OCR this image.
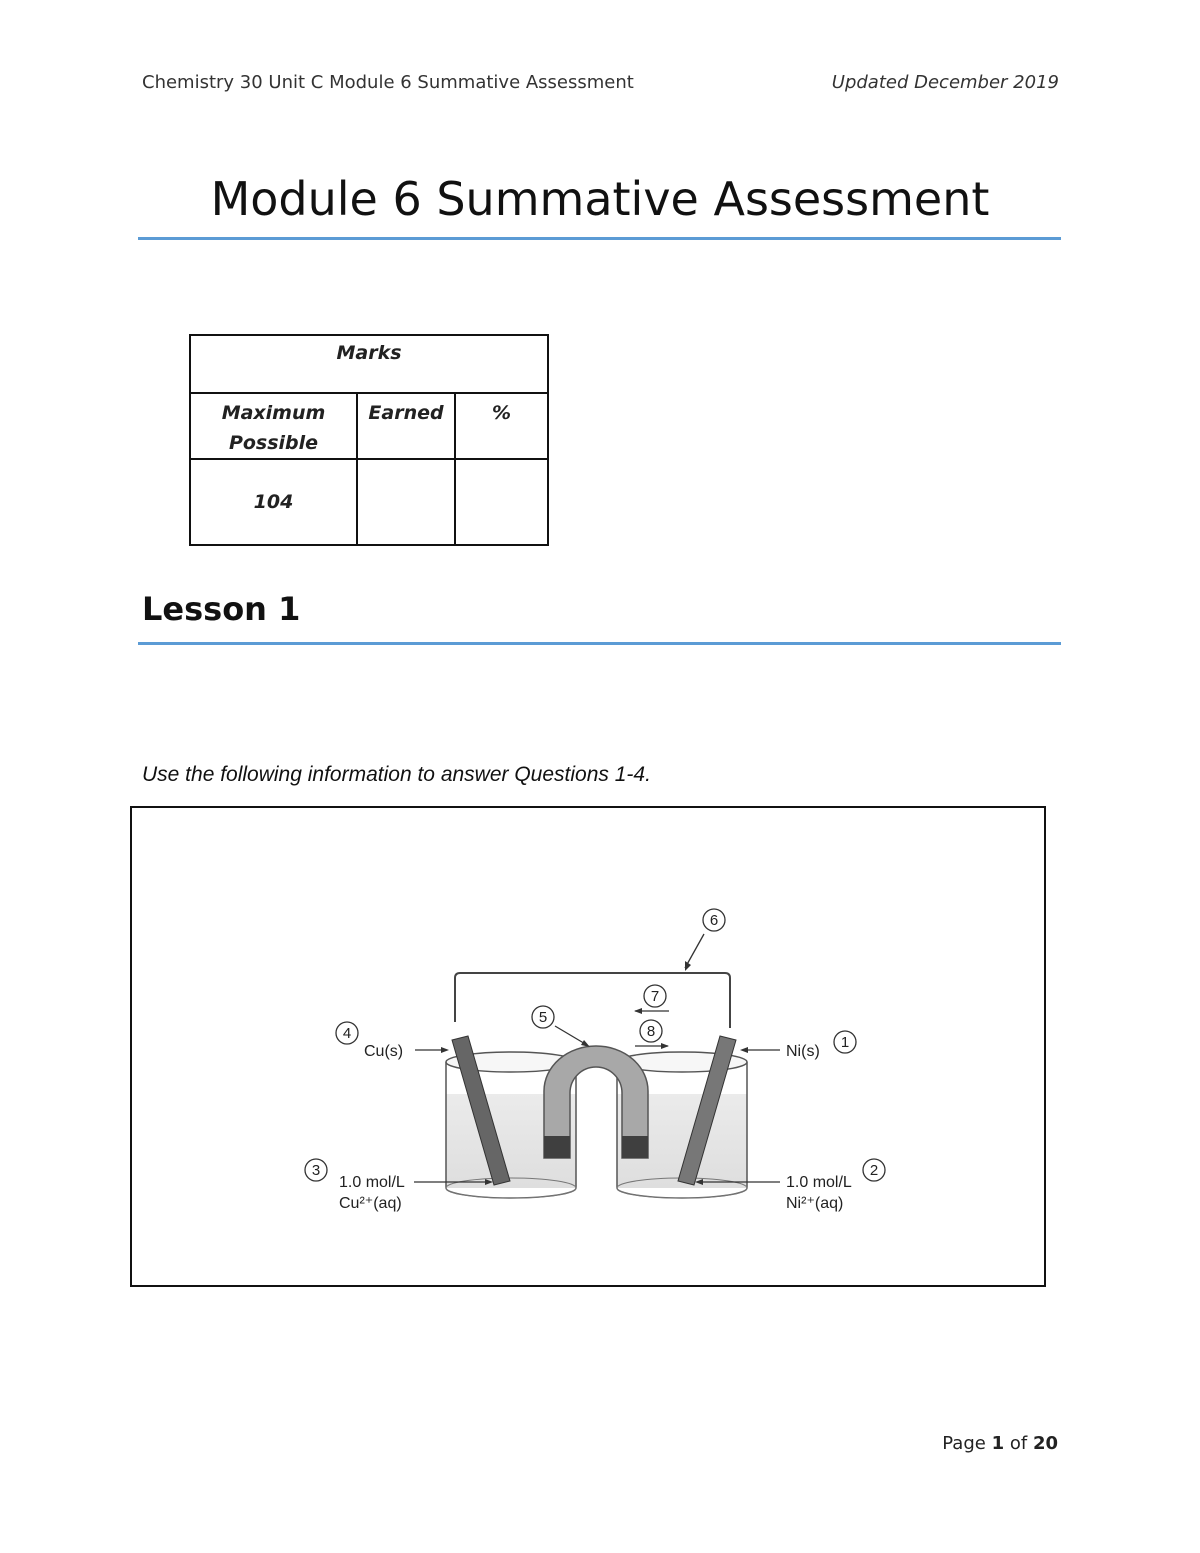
Chemistry 30 Unit C Module 6 Summative Assessment	Updated December 2019
Module 6 Summative Assessment
Marks		
Maximum
Possible	Earned	%
104		
Lesson 1
Use the following information to answer Questions 1-4.
6
7
8
5
4
Cu(s)	Ni(s)
1
3
1.0 mol/L
Cu²⁺(aq)
1.0 mol/L
Ni²⁺(aq)
2
Page 1 of 20
